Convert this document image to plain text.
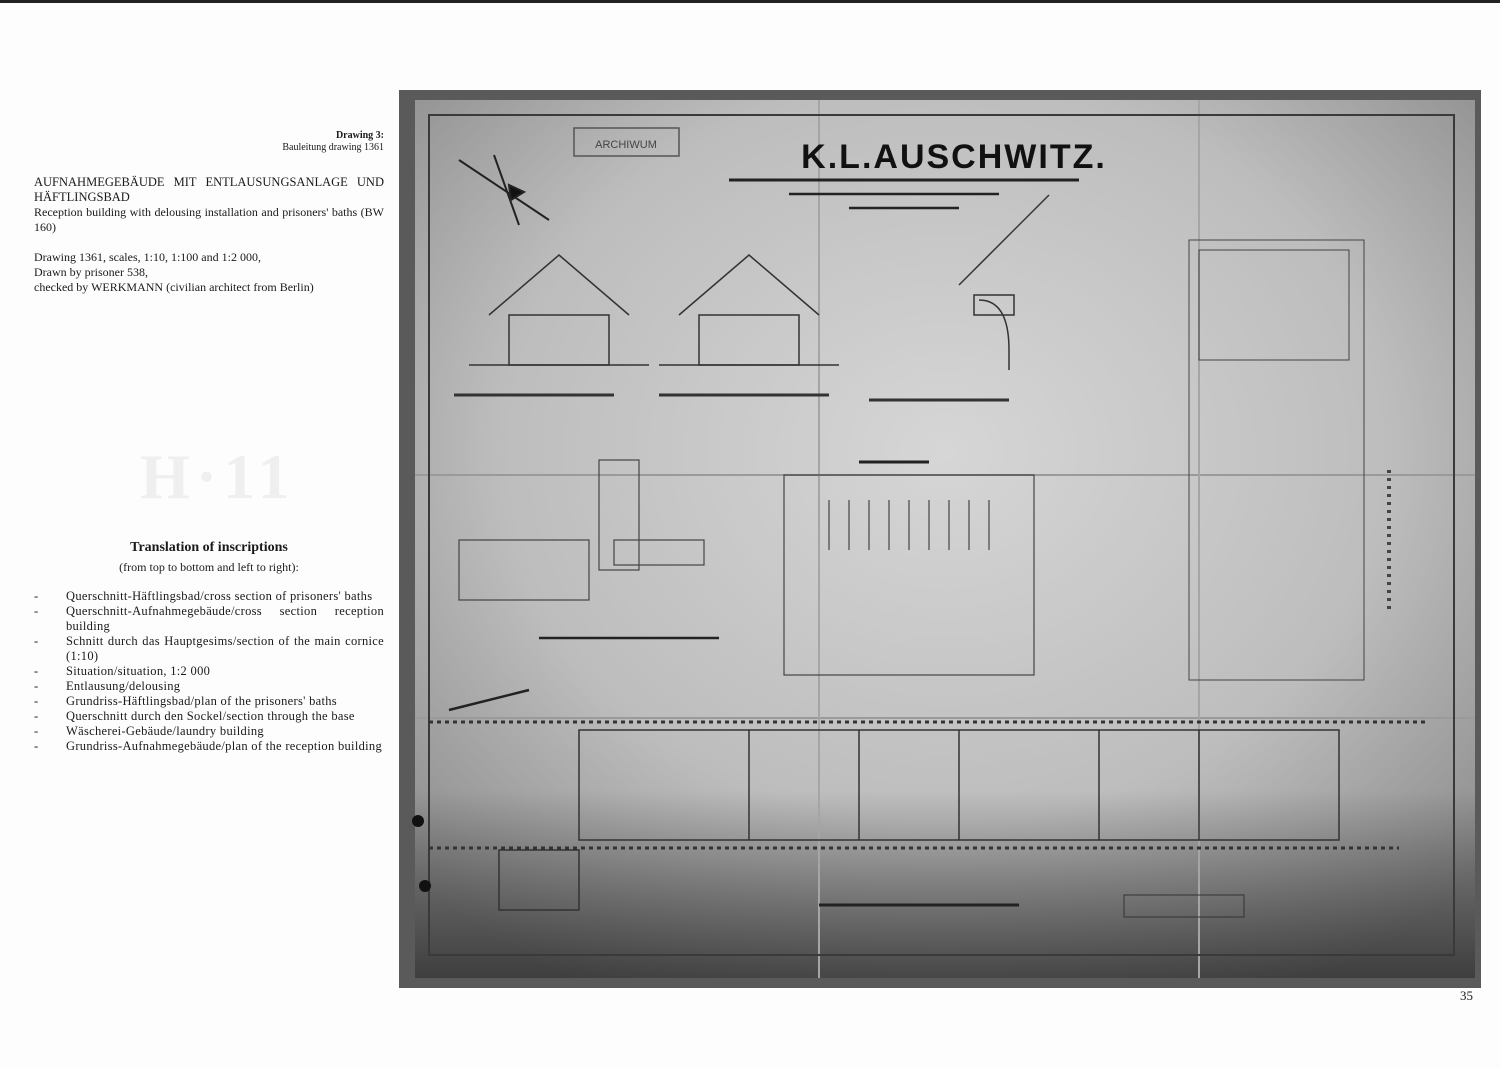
Drawing 3:
Bauleitung drawing 1361
AUFNAHMEGEBÄUDE MIT ENTLAUSUNGSANLAGE UND HÄFTLINGSBAD
Reception building with delousing installation and prisoners' baths (BW 160)
Drawing 1361, scales, 1:10, 1:100 and 1:2 000,
Drawn by prisoner 538,
checked by WERKMANN (civilian architect from Berlin)
H·11
Translation of inscriptions
(from top to bottom and left to right):
- Querschnitt-Häftlingsbad/cross section of prisoners' baths
- Querschnitt-Aufnahmegebäude/cross section reception building
- Schnitt durch das Hauptgesims/section of the main cornice (1:10)
- Situation/situation, 1:2 000
- Entlausung/delousing
- Grundriss-Häftlingsbad/plan of the prisoners' baths
- Querschnitt durch den Sockel/section through the base
- Wäscherei-Gebäude/laundry building
- Grundriss-Aufnahmegebäude/plan of the reception building
ARCHIWUM	K.L.AUSCHWITZ.
35
